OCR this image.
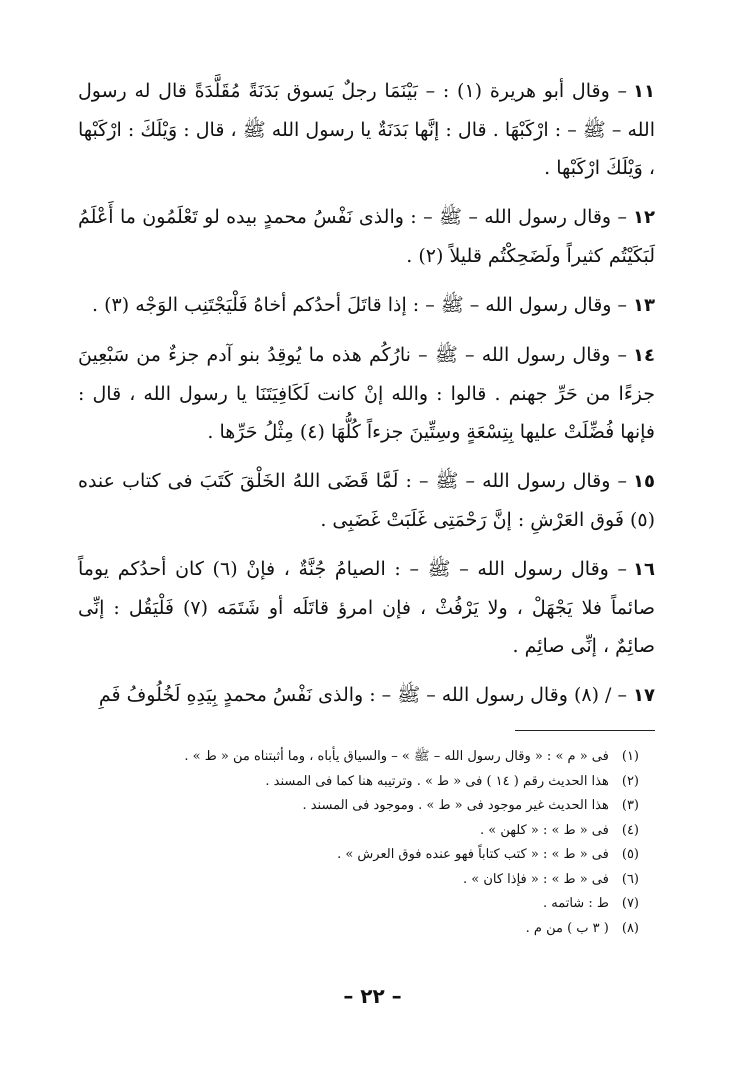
١١– وقال أبو هريرة (١) : – بَيْنَمَا رجلٌ يَسوق بَدَنَةً مُقَلَّدَةً قال له رسول الله – ﷺ – : ارْكَبْهَا . قال : إنَّها بَدَنَةٌ يا رسول الله ﷺ ، قال : وَيْلَكَ : ارْكَبْها ، وَيْلَكَ ارْكَبْها .

١٢– وقال رسول الله – ﷺ – : والذى نَفْسُ محمدٍ بيده لو تَعْلَمُون ما أَعْلَمُ لَبَكَيْتُم كثيراً ولَضَحِكْتُم قليلاً (٢) .

١٣– وقال رسول الله – ﷺ – : إذا قاتَلَ أحدُكم أخاهُ فَلْيَجْتَنِب الوَجْه (٣) .

١٤– وقال رسول الله – ﷺ – نارُكُم هذه ما يُوقِدُ بنو آدم جزءٌ من سَبْعِينَ جزءًا من حَرِّ جهنم . قالوا : والله إنْ كانت لَكَافِيَتَنَا يا رسول الله ، قال : فإنها فُضِّلَتْ عليها بِتِسْعَةٍ وسِتِّينَ جزءاً كُلُّهَا (٤) مِثْلُ حَرِّها .

١٥– وقال رسول الله – ﷺ – : لَمَّا قَضَى اللهُ الخَلْقَ كَتَبَ فى كتاب عنده (٥) فَوق العَرْشِ : إنَّ رَحْمَتِى غَلَبَتْ غَضَبِى .

١٦– وقال رسول الله – ﷺ – : الصيامُ جُنَّةٌ ، فإنْ (٦) كان أحدُكم يوماً صائماً فلا يَجْهَلْ ، ولا يَرْفُثْ ، فإن امرؤ قاتَلَه أو شَتَمَه (٧) فَلْيَقُل : إنِّى صائِمٌ ، إنِّى صائِم .

١٧– / (٨) وقال رسول الله – ﷺ – : والذى نَفْسُ محمدٍ بِيَدِهِ لَخُلُوفُ فَمِ

(١) فى « م » : « وقال رسول الله – ﷺ » – والسياق يأباه ، وما أثبتناه من « ط » .
(٢) هذا الحديث رقم ( ١٤ ) فى « ط » . وترتيبه هنا كما فى المسند .
(٣) هذا الحديث غير موجود فى « ط » . وموجود فى المسند .
(٤) فى « ط » : « كلهن » .
(٥) فى « ط » : « كتب كتاباً فهو عنده فوق العرش » .
(٦) فى « ط » : « فإذا كان » .
(٧) ط : شاتمه .
(٨) ( ٣ ب ) من م .
– ٢٢ –
